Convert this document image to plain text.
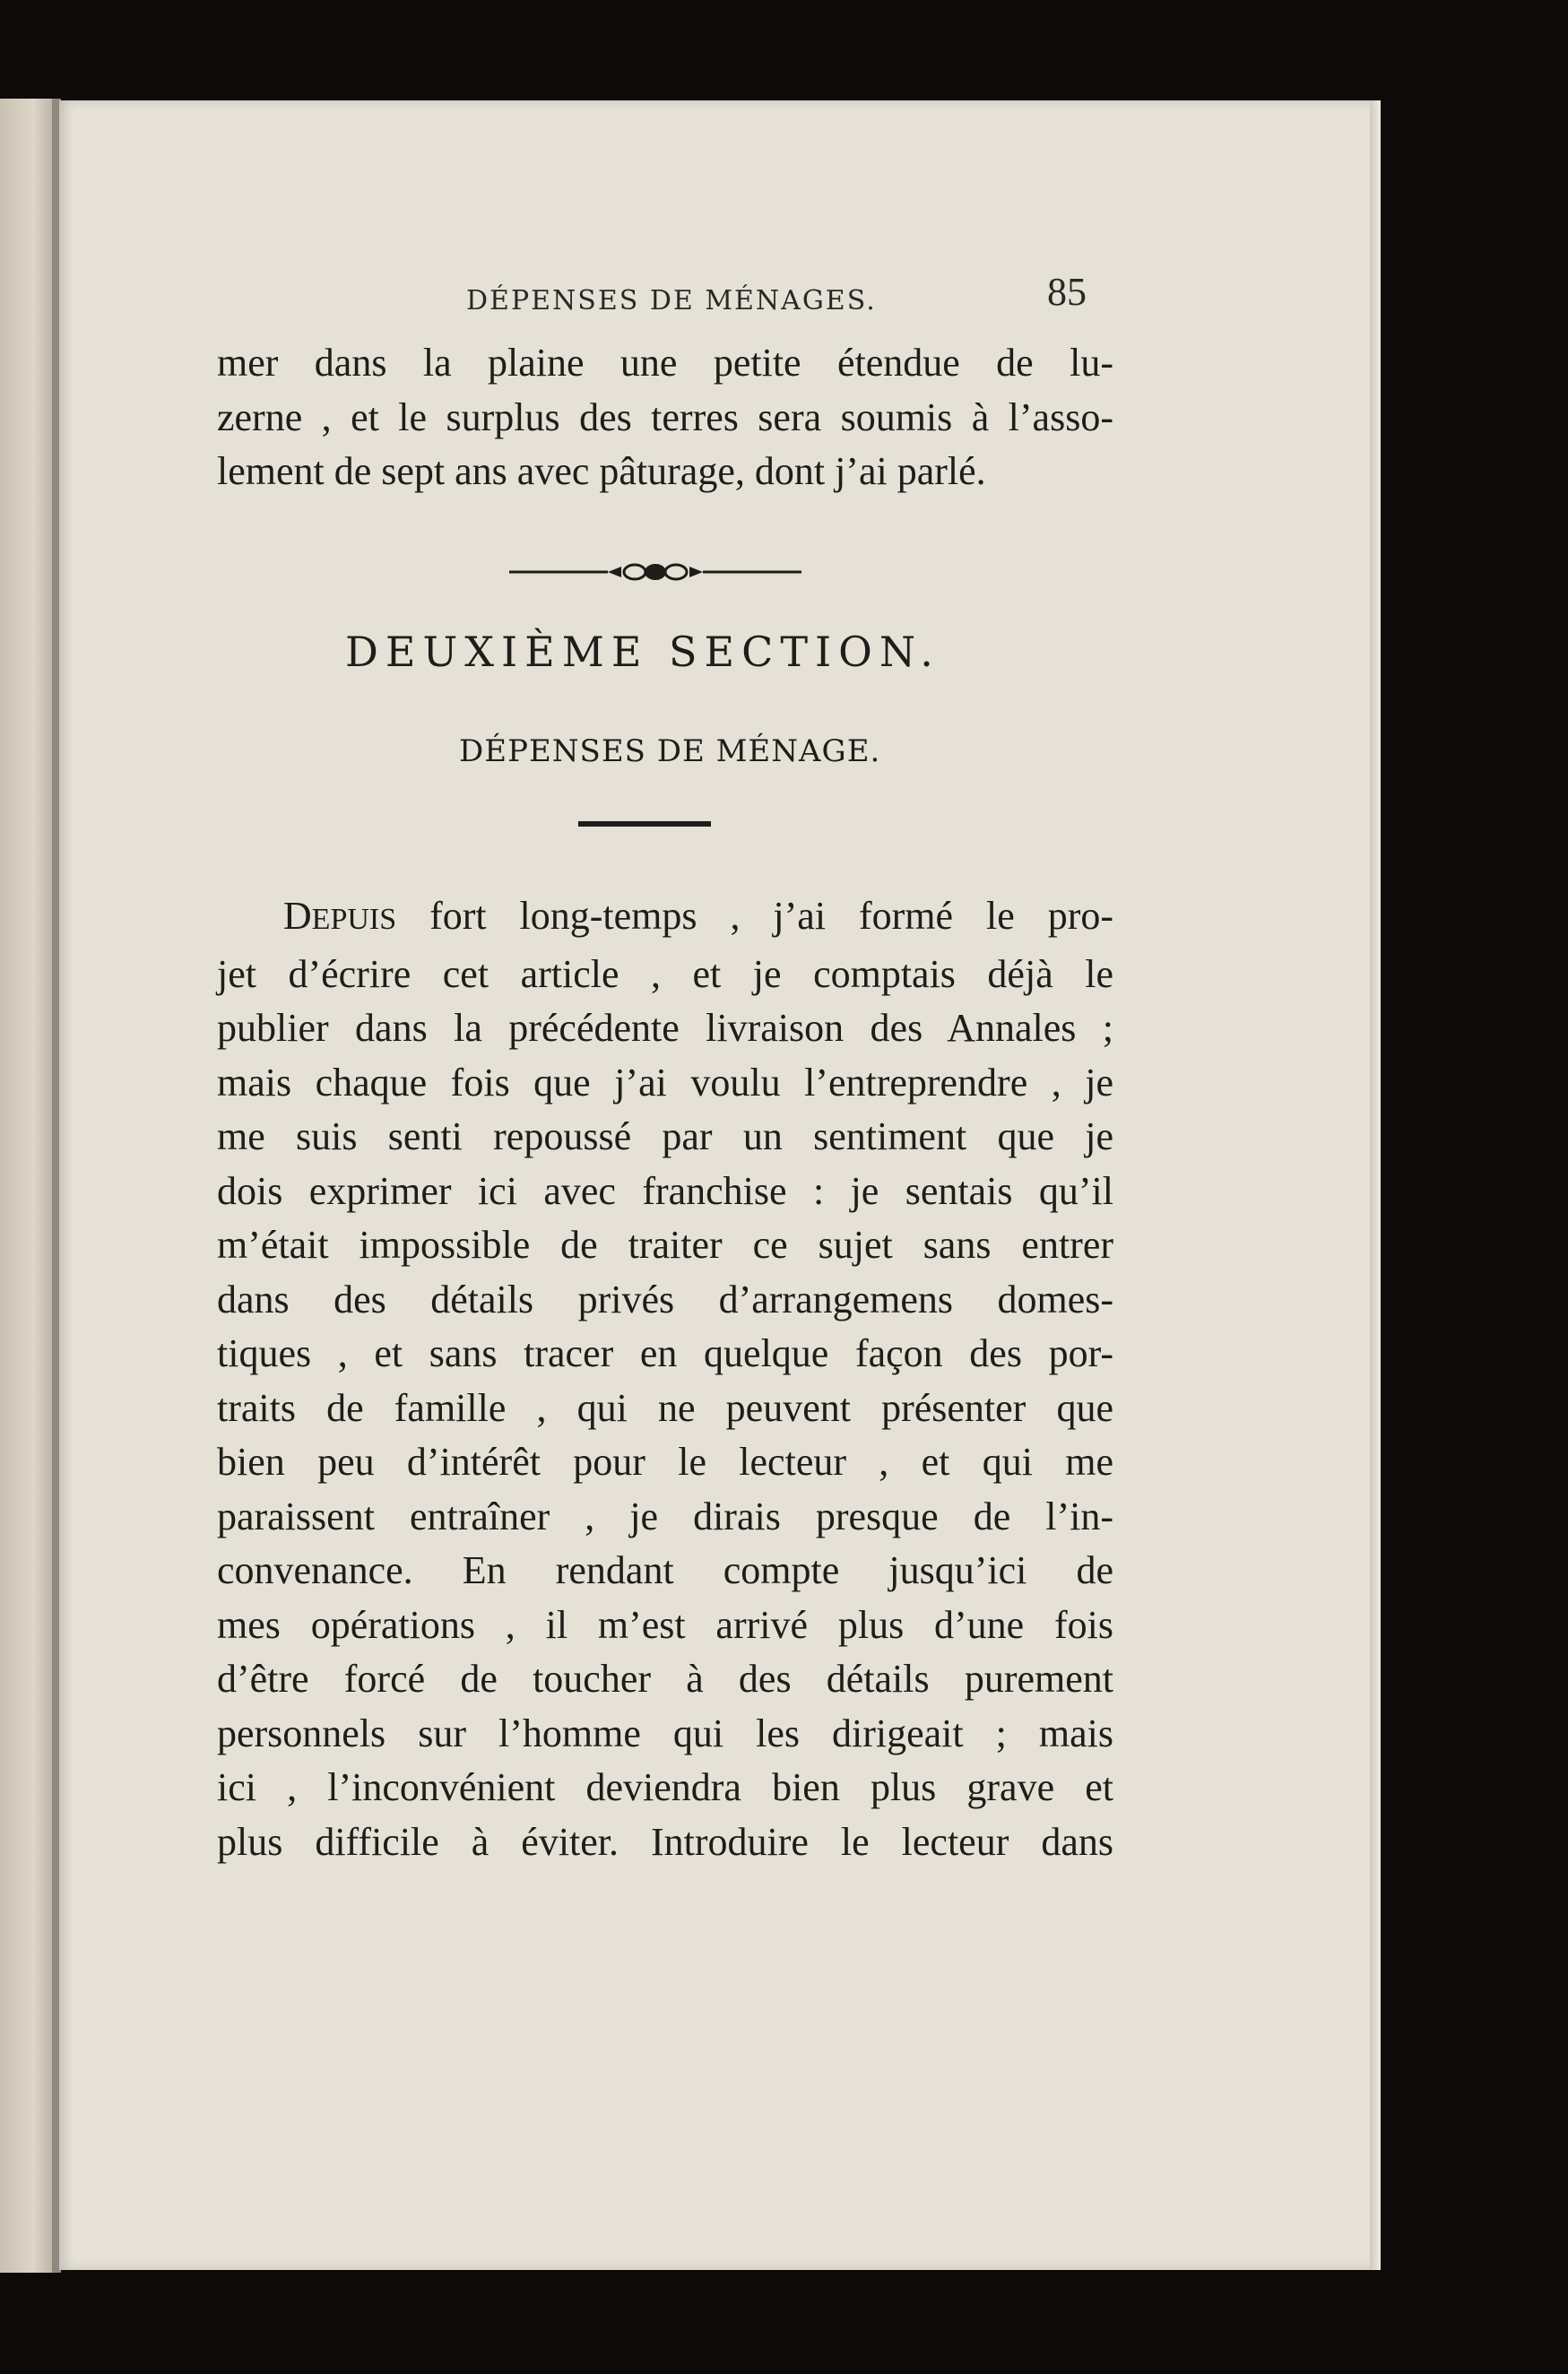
DÉPENSES DE MÉNAGES.	85
mer dans la plaine une petite étendue de lu-
zerne , et le surplus des terres sera soumis à l’asso-
lement de sept ans avec pâturage, dont j’ai parlé.
DEUXIÈME SECTION.
DÉPENSES DE MÉNAGE.
DEPUIS fort long-temps , j’ai formé le pro-
jet d’écrire cet article , et je comptais déjà le
publier dans la précédente livraison des Annales ;
mais chaque fois que j’ai voulu l’entreprendre , je
me suis senti repoussé par un sentiment que je
dois exprimer ici avec franchise : je sentais qu’il
m’était impossible de traiter ce sujet sans entrer
dans des détails privés d’arrangemens domes-
tiques , et sans tracer en quelque façon des por-
traits de famille , qui ne peuvent présenter que
bien peu d’intérêt pour le lecteur , et qui me
paraissent entraîner , je dirais presque de l’in-
convenance. En rendant compte jusqu’ici de
mes opérations , il m’est arrivé plus d’une fois
d’être forcé de toucher à des détails purement
personnels sur l’homme qui les dirigeait ; mais
ici , l’inconvénient deviendra bien plus grave et
plus difficile à éviter. Introduire le lecteur dans
